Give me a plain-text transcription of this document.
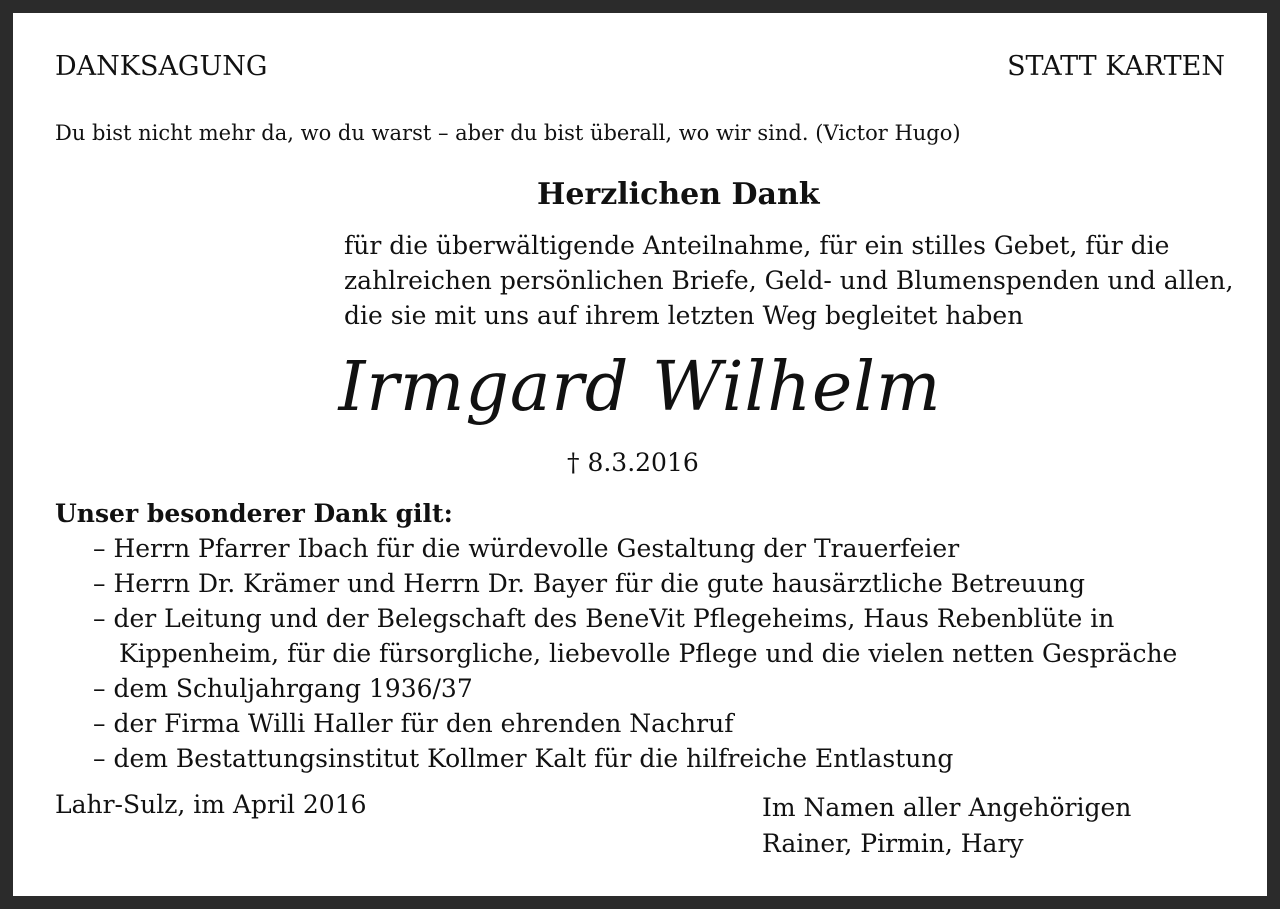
DANKSAGUNG	STATT KARTEN
Du bist nicht mehr da, wo du warst – aber du bist überall, wo wir sind. (Victor Hugo)
Herzlichen Dank
für die überwältigende Anteilnahme, für ein stilles Gebet, für die
zahlreichen persönlichen Briefe, Geld- und Blumenspenden und allen,
die sie mit uns auf ihrem letzten Weg begleitet haben
Irmgard Wilhelm
† 8.3.2016
Unser besonderer Dank gilt:
– Herrn Pfarrer Ibach für die würdevolle Gestaltung der Trauerfeier
– Herrn Dr. Krämer und Herrn Dr. Bayer für die gute hausärztliche Betreuung
– der Leitung und der Belegschaft des BeneVit Pflegeheims, Haus Rebenblüte in
Kippenheim, für die fürsorgliche, liebevolle Pflege und die vielen netten Gespräche
– dem Schuljahrgang 1936/37
– der Firma Willi Haller für den ehrenden Nachruf
– dem Bestattungsinstitut Kollmer Kalt für die hilfreiche Entlastung
Lahr-Sulz, im April 2016	Im Namen aller Angehörigen
Rainer, Pirmin, Hary
